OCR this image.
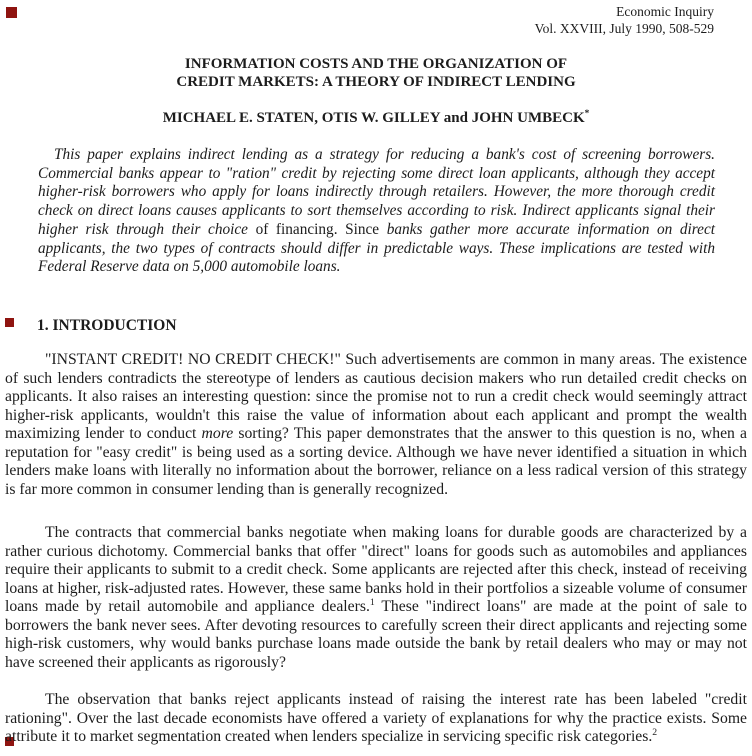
Economic Inquiry
Vol. XXVIII, July 1990, 508-529
INFORMATION COSTS AND THE ORGANIZATION OF
CREDIT MARKETS: A THEORY OF INDIRECT LENDING
MICHAEL E. STATEN, OTIS W. GILLEY and JOHN UMBECK*
This paper explains indirect lending as a strategy for reducing a bank's cost of screening borrowers. Commercial banks appear to "ration" credit by rejecting some direct loan applicants, although they accept higher-risk borrowers who apply for loans indirectly through retailers. However, the more thorough credit check on direct loans causes applicants to sort themselves according to risk. Indirect applicants signal their higher risk through their choice of financing. Since banks gather more accurate information on direct applicants, the two types of contracts should differ in predictable ways. These implications are tested with Federal Reserve data on 5,000 automobile loans.
1. INTRODUCTION

"INSTANT CREDIT! NO CREDIT CHECK!" Such advertisements are common in many areas. The existence of such lenders contradicts the stereotype of lenders as cautious decision makers who run detailed credit checks on applicants. It also raises an interesting question: since the promise not to run a credit check would seemingly attract higher-risk applicants, wouldn't this raise the value of information about each applicant and prompt the wealth maximizing lender to conduct more sorting? This paper demonstrates that the answer to this question is no, when a reputation for "easy credit" is being used as a sorting device. Although we have never identified a situation in which lenders make loans with literally no information about the borrower, reliance on a less radical version of this strategy is far more common in consumer lending than is generally recognized.

The contracts that commercial banks negotiate when making loans for durable goods are characterized by a rather curious dichotomy. Commercial banks that offer "direct" loans for goods such as automobiles and appliances require their applicants to submit to a credit check. Some applicants are rejected after this check, instead of receiving loans at higher, risk-adjusted rates. However, these same banks hold in their portfolios a sizeable volume of consumer loans made by retail automobile and appliance dealers.$^1$ These "indirect loans" are made at the point of sale to borrowers the bank never sees. After devoting resources to carefully screen their direct applicants and rejecting some high-risk customers, why would banks purchase loans made outside the bank by retail dealers who may or may not have screened their applicants as rigorously?

The observation that banks reject applicants instead of raising the interest rate has been labeled "credit rationing". Over the last decade economists have offered a variety of explanations for why the practice exists. Some attribute it to market segmentation created when lenders specialize in servicing specific risk categories.$^2$
